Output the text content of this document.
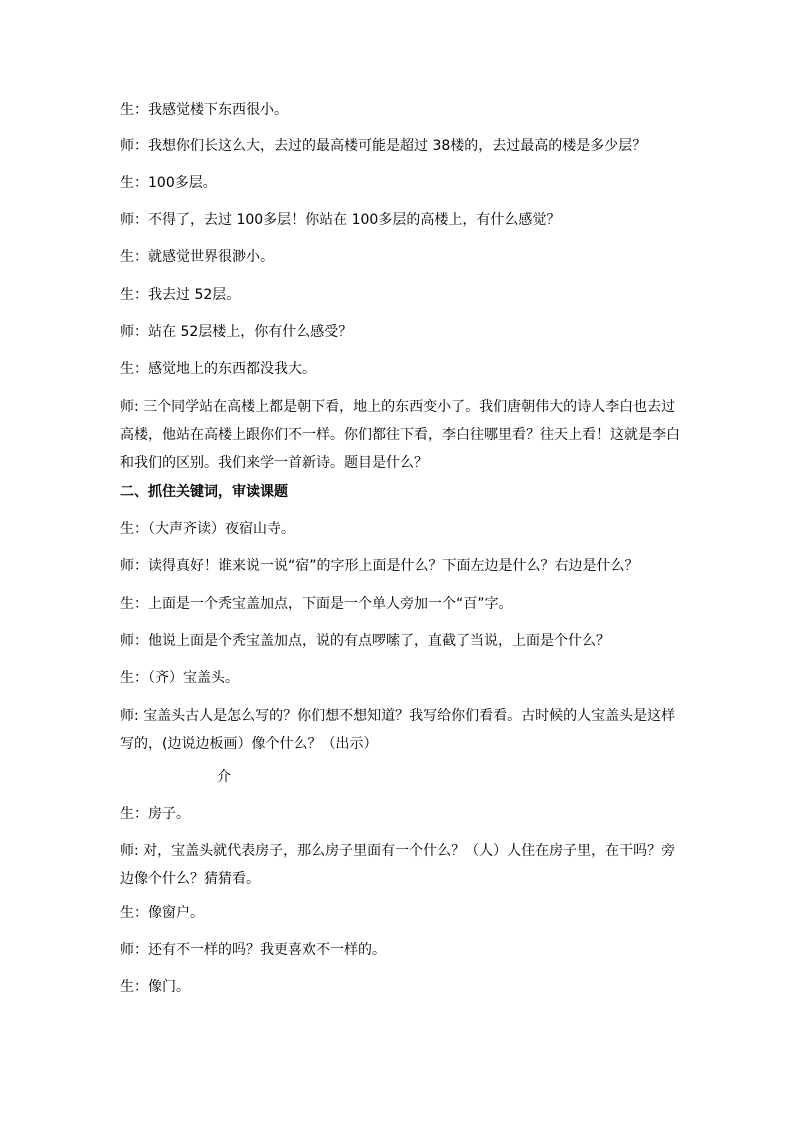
生：我感觉楼下东西很小。

师：我想你们长这么大，去过的最高楼可能是超过 38楼的，去过最高的楼是多少层？

生：100多层。

师：不得了，去过 100多层！你站在 100多层的高楼上，有什么感觉？

生：就感觉世界很渺小。

生：我去过 52层。

师：站在 52层楼上，你有什么感受？

生：感觉地上的东西都没我大。

师: 三个同学站在高楼上都是朝下看，地上的东西变小了。我们唐朝伟大的诗人李白也去过高楼，他站在高楼上跟你们不一样。你们都往下看，李白往哪里看？往天上看！这就是李白和我们的区别。我们来学一首新诗。题目是什么？

二、抓住关键词，审读课题

生：（大声齐读）夜宿山寺。

师：读得真好！谁来说一说“宿”的字形上面是什么？下面左边是什么？右边是什么？

生：上面是一个秃宝盖加点，下面是一个单人旁加一个“百”字。

师：他说上面是个秃宝盖加点，说的有点啰嗦了，直截了当说，上面是个什么？

生：（齐）宝盖头。

师: 宝盖头古人是怎么写的？你们想不想知道？我写给你们看看。古时候的人宝盖头是这样写的，(边说边板画）像个什么？（出示）

介

生：房子。

师: 对，宝盖头就代表房子，那么房子里面有一个什么？（人）人住在房子里，在干吗？旁边像个什么？猜猜看。

生：像窗户。

师：还有不一样的吗？我更喜欢不一样的。

生：像门。
